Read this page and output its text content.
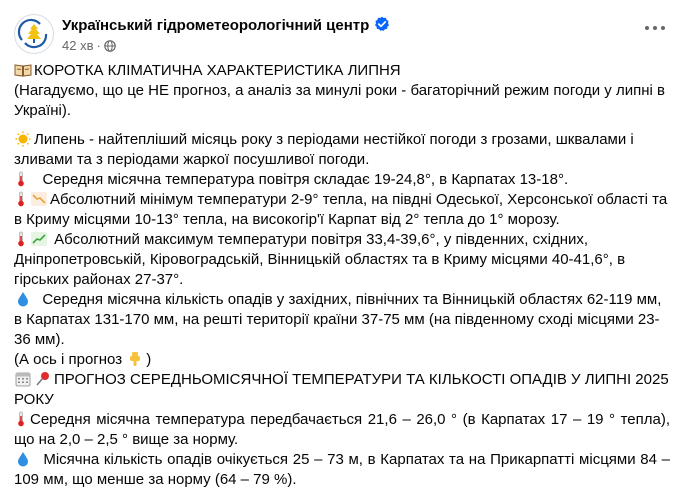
Український гідрометеорологічний центр
42 хв ·
КОРОТКА КЛІМАТИЧНА ХАРАКТЕРИСТИКА ЛИПНЯ
(Нагадуємо, що це НЕ прогноз, а аналіз за минулі роки - багаторічний режим погоди у липні в Україні).
Липень - найтепліший місяць року з періодами нестійкої погоди з грозами, шквалами і зливами та з періодами жаркої посушливої погоди.
Середня місячна температура повітря складає 19-24,8°, в Карпатах 13-18°.
Абсолютний мінімум температури 2-9° тепла, на півдні Одеської, Херсонської області та в Криму місцями 10-13° тепла, на високогір'ї Карпат від 2° тепла до 1° морозу.
Абсолютний максимум температури повітря 33,4-39,6°, у південних, східних, Дніпропетровській, Кіровоградській, Вінницькій областях та в Криму місцями 40-41,6°, в гірських районах 27-37°.
Середня місячна кількість опадів у західних, північних та Вінницькій областях 62-119 мм, в Карпатах 131-170 мм, на решті території країни 37-75 мм (на південному сході місцями 23-36 мм).
(А ось і прогноз )
ПРОГНОЗ СЕРЕДНЬОМІСЯЧНОЇ ТЕМПЕРАТУРИ ТА КІЛЬКОСТІ ОПАДІВ У ЛИПНІ 2025 РОКУ
Середня місячна температура передбачається 21,6 – 26,0 ° (в Карпатах 17 – 19 ° тепла), що на 2,0 – 2,5 ° вище за норму.
Місячна кількість опадів очікується 25 – 73 м, в Карпатах та на Прикарпатті місцями 84 – 109 мм, що менше за норму (64 – 79 %).
